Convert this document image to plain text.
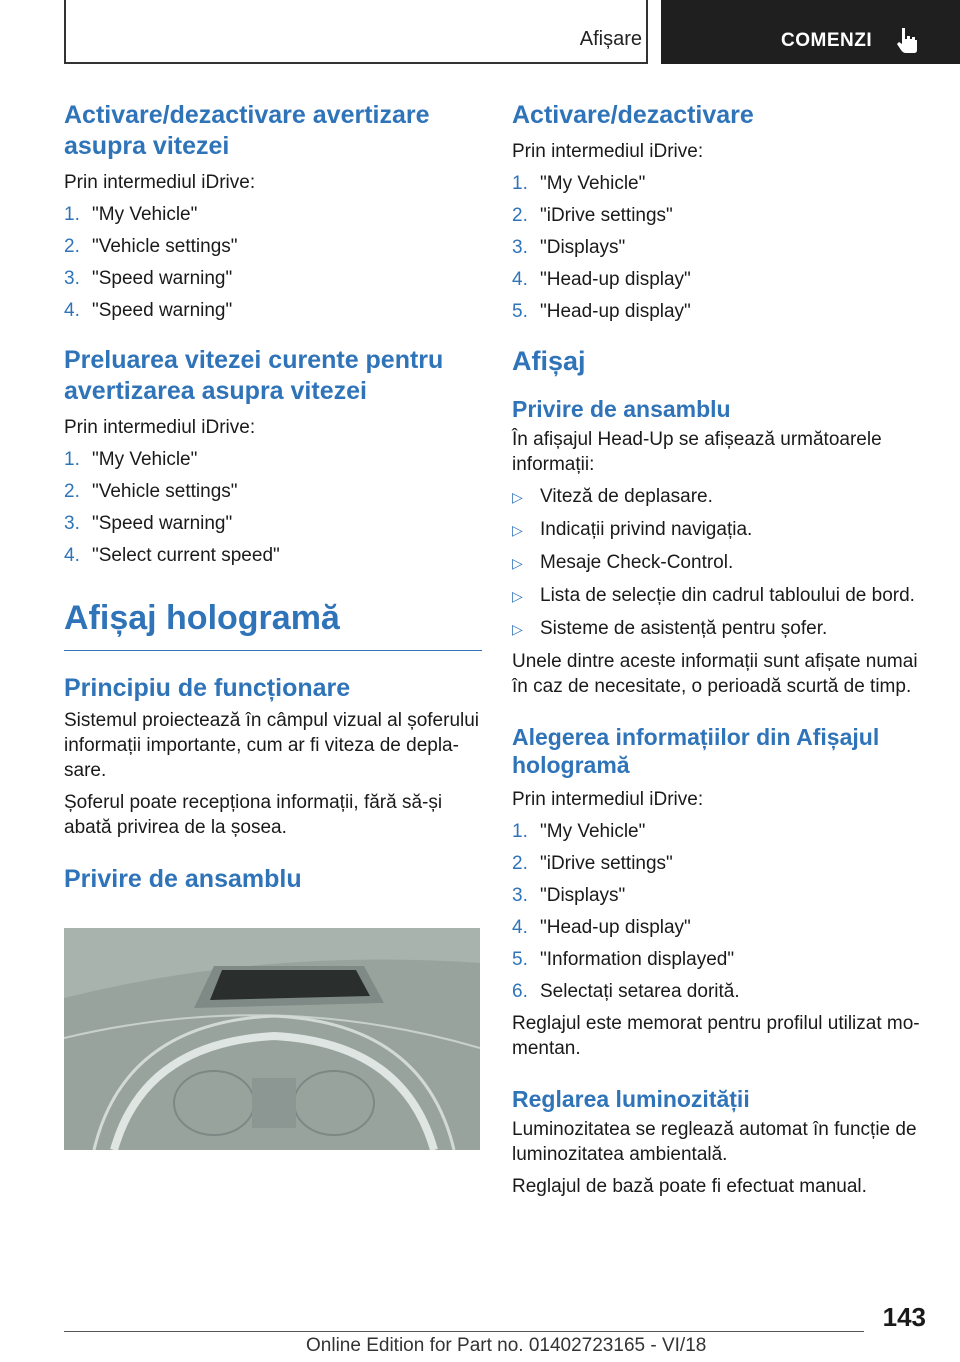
Afișare	COMENZI
Activare/dezactivare avertizare asupra vitezei

Prin intermediul iDrive:

1. "My Vehicle"
2. "Vehicle settings"
3. "Speed warning"
4. "Speed warning"
Preluarea vitezei curente pentru avertizarea asupra vitezei

Prin intermediul iDrive:

1. "My Vehicle"
2. "Vehicle settings"
3. "Speed warning"
4. "Select current speed"
Afișaj hologramă
Principiu de funcționare

Sistemul proiectează în câmpul vizual al șoferului informații importante, cum ar fi viteza de deplasare.

Șoferul poate recepționa informații, fără să-și abată privirea de la șosea.

Privire de ansamblu
Activare/dezactivare

Prin intermediul iDrive:

1. "My Vehicle"
2. "iDrive settings"
3. "Displays"
4. "Head-up display"
5. "Head-up display"
Afișaj
Privire de ansamblu

În afișajul Head-Up se afișează următoarele informații:

▷ Viteză de deplasare.
▷ Indicații privind navigația.
▷ Mesaje Check-Control.
▷ Lista de selecție din cadrul tabloului de bord.
▷ Sisteme de asistență pentru șofer.

Unele dintre aceste informații sunt afișate numai în caz de necesitate, o perioadă scurtă de timp.

Alegerea informațiilor din Afișajul hologramă

Prin intermediul iDrive:

1. "My Vehicle"
2. "iDrive settings"
3. "Displays"
4. "Head-up display"
5. "Information displayed"
6. Selectați setarea dorită.

Reglajul este memorat pentru profilul utilizat momentan.

Reglarea luminozității

Luminozitatea se reglează automat în funcție de luminozitatea ambientală.

Reglajul de bază poate fi efectuat manual.

143
Online Edition for Part no. 01402723165 - VI/18
